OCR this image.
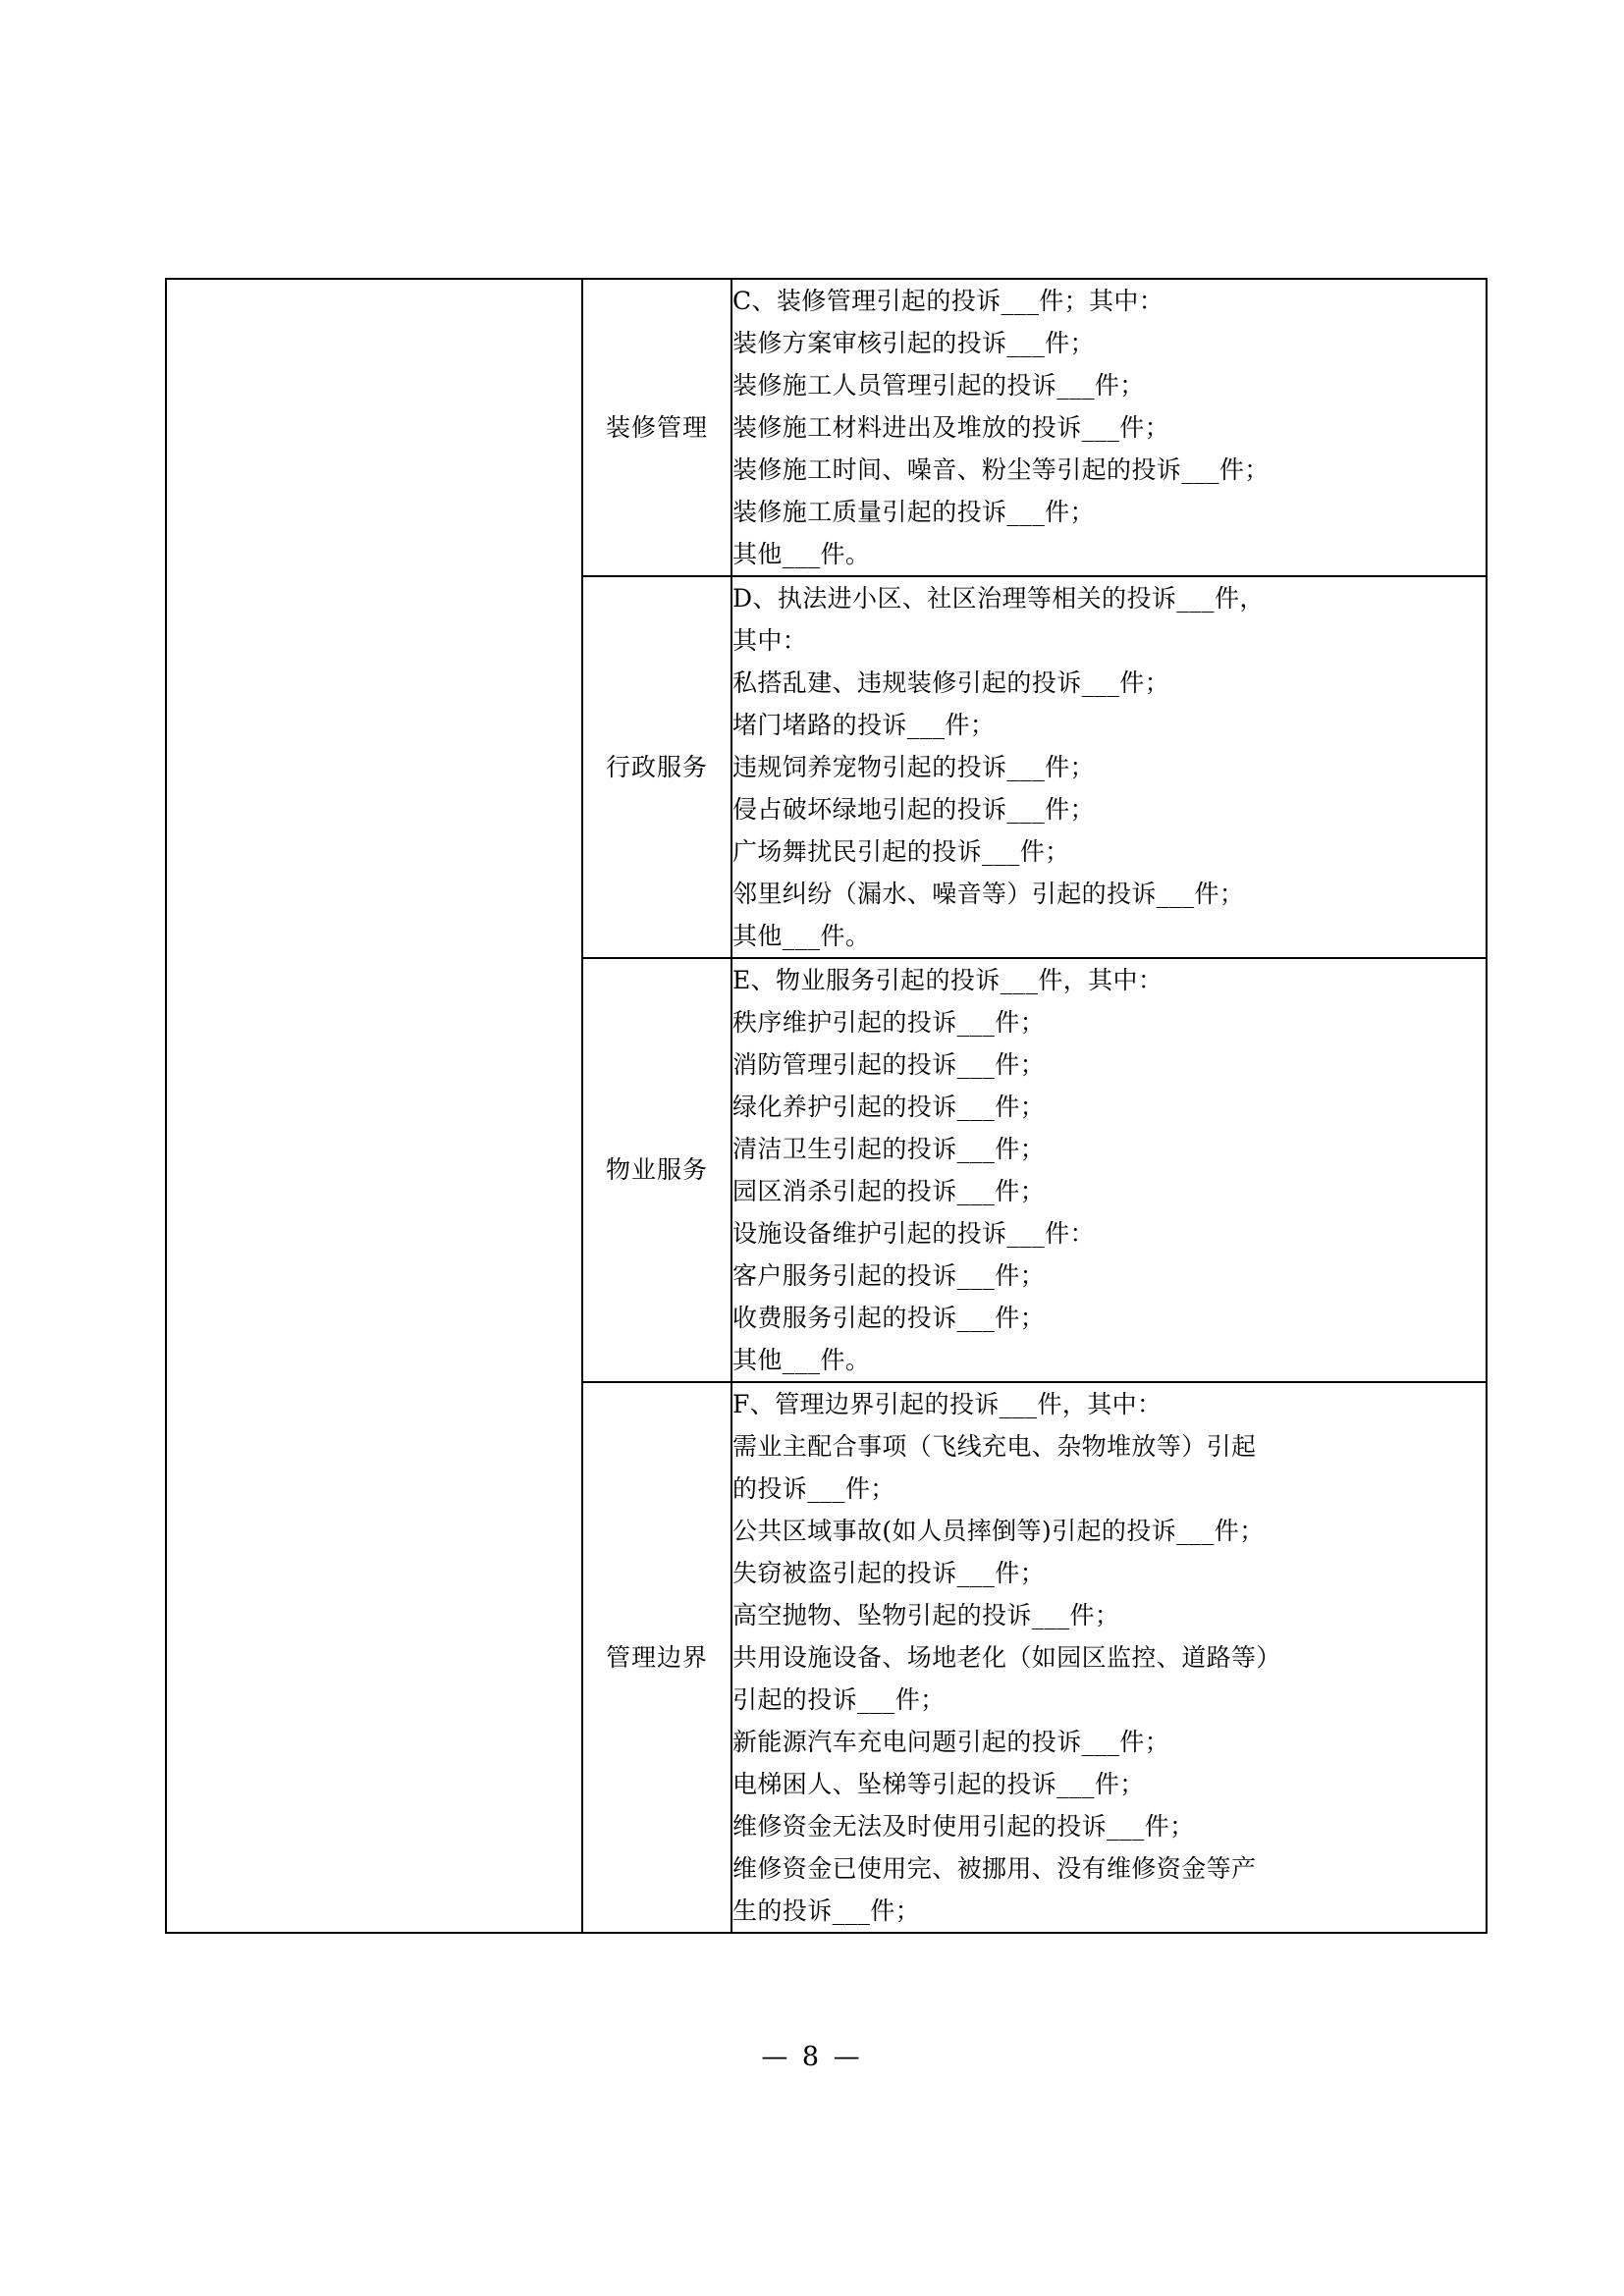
	装修管理	
C、装修管理引起的投诉___件；其中：
装修方案审核引起的投诉___件；
装修施工人员管理引起的投诉___件；
装修施工材料进出及堆放的投诉___件；
装修施工时间、噪音、粉尘等引起的投诉___件；
装修施工质量引起的投诉___件；
其他___件。

行政服务	
D、执法进小区、社区治理等相关的投诉___件，
其中：
私搭乱建、违规装修引起的投诉___件；
堵门堵路的投诉___件；
违规饲养宠物引起的投诉___件；
侵占破坏绿地引起的投诉___件；
广场舞扰民引起的投诉___件；
邻里纠纷（漏水、噪音等）引起的投诉___件；
其他___件。

物业服务	
E、物业服务引起的投诉___件，其中：
秩序维护引起的投诉___件；
消防管理引起的投诉___件；
绿化养护引起的投诉___件；
清洁卫生引起的投诉___件；
园区消杀引起的投诉___件；
设施设备维护引起的投诉___件：
客户服务引起的投诉___件；
收费服务引起的投诉___件；
其他___件。

管理边界	
F、管理边界引起的投诉___件，其中：
需业主配合事项（飞线充电、杂物堆放等）引起
的投诉___件；
公共区域事故(如人员摔倒等)引起的投诉___件；
失窃被盗引起的投诉___件；
高空抛物、坠物引起的投诉___件；
共用设施设备、场地老化（如园区监控、道路等）
引起的投诉___件；
新能源汽车充电问题引起的投诉___件；
电梯困人、坠梯等引起的投诉___件；
维修资金无法及时使用引起的投诉___件；
维修资金已使用完、被挪用、没有维修资金等产
生的投诉___件；
— 8 —
